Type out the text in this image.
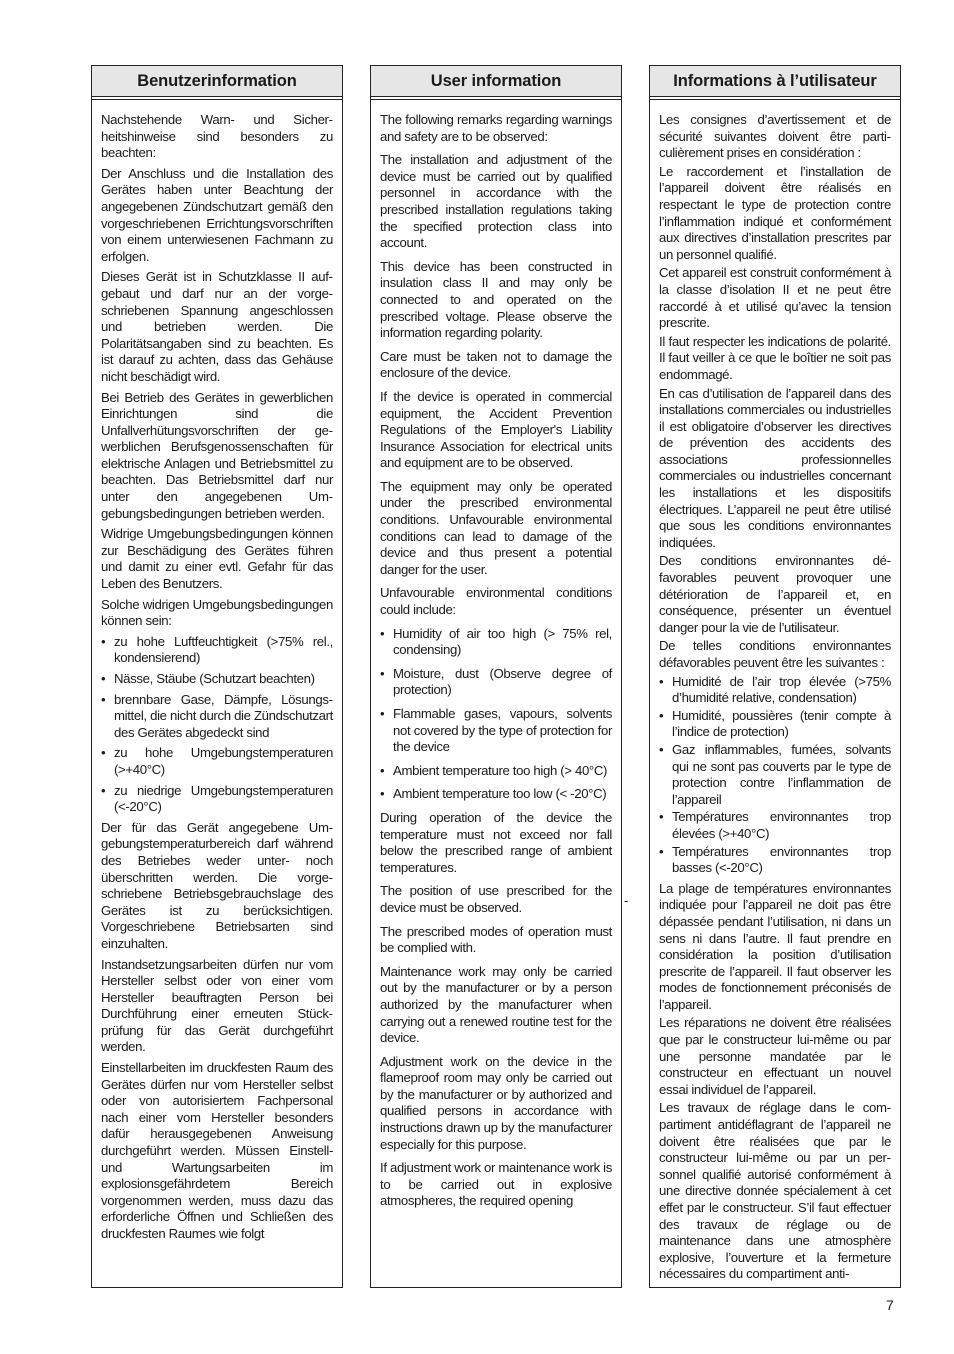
Benutzerinformation

Nachstehende Warn- und Sicherheitshinweise sind besonders zu beachten:

Der Anschluss und die Installation des Gerätes haben unter Beachtung der angegebenen Zündschutzart gemäß den vorgeschriebenen Errichtungsvorschriften von einem unterwiesenen Fachmann zu erfolgen.

Dieses Gerät ist in Schutzklasse II aufgebaut und darf nur an der vorgeschriebenen Spannung angeschlossen und betrieben werden. Die Polaritätsangaben sind zu beachten. Es ist darauf zu achten, dass das Gehäuse nicht beschädigt wird.

Bei Betrieb des Gerätes in gewerblichen Einrichtungen sind die Unfallverhütungsvorschriften der gewerblichen Berufsgenossenschaften für elektrische Anlagen und Betriebsmittel zu beachten. Das Betriebsmittel darf nur unter den angegebenen Umgebungsbedingungen betrieben werden.

Widrige Umgebungsbedingungen können zur Beschädigung des Gerätes führen und damit zu einer evtl. Gefahr für das Leben des Benutzers.

Solche widrigen Umgebungsbedingungen können sein:

• zu hohe Luftfeuchtigkeit (>75% rel., kondensierend)
• Nässe, Stäube (Schutzart beachten)
• brennbare Gase, Dämpfe, Lösungsmittel, die nicht durch die Zündschutzart des Gerätes abgedeckt sind
• zu hohe Umgebungstemperaturen (>+40°C)
• zu niedrige Umgebungstemperaturen (<-20°C)

Der für das Gerät angegebene Umgebungstemperaturbereich darf während des Betriebes weder unter- noch überschritten werden. Die vorgeschriebene Betriebsgebrauchslage des Gerätes ist zu berücksichtigen. Vorgeschriebene Betriebsarten sind einzuhalten.

Instandsetzungsarbeiten dürfen nur vom Hersteller selbst oder von einer vom Hersteller beauftragten Person bei Durchführung einer erneuten Stückprüfung für das Gerät durchgeführt werden.

Einstellarbeiten im druckfesten Raum des Gerätes dürfen nur vom Hersteller selbst oder von autorisiertem Fachpersonal nach einer vom Hersteller besonders dafür herausgegebenen Anweisung durchgeführt werden. Müssen Einstell- und Wartungsarbeiten im explosionsgefährdetem Bereich vorgenommen werden, muss dazu das erforderliche Öffnen und Schließen des druckfesten Raumes wie folgt

User information

The following remarks regarding warnings and safety are to be observed:

The installation and adjustment of the device must be carried out by qualified personnel in accordance with the prescribed installation regulations taking the specified protection class into account.

This device has been constructed in insulation class II and may only be connected to and operated on the prescribed voltage. Please observe the information regarding polarity.

Care must be taken not to damage the enclosure of the device.

If the device is operated in commercial equipment, the Accident Prevention Regulations of the Employer's Liability Insurance Association for electrical units and equipment are to be observed.

The equipment may only be operated under the prescribed environmental conditions. Unfavourable environmental conditions can lead to damage of the device and thus present a potential danger for the user.

Unfavourable environmental conditions could include:

• Humidity of air too high (> 75% rel, condensing)
• Moisture, dust (Observe degree of protection)
• Flammable gases, vapours, solvents not covered by the type of protection for the device
• Ambient temperature too high (> 40°C)
• Ambient temperature too low (< -20°C)

During operation of the device the temperature must not exceed nor fall below the prescribed range of ambient temperatures.

The position of use prescribed for the device must be observed.

The prescribed modes of operation must be complied with.

Maintenance work may only be carried out by the manufacturer or by a person authorized by the manufacturer when carrying out a renewed routine test for the device.

Adjustment work on the device in the flameproof room may only be carried out by the manufacturer or by authorized and qualified persons in accordance with instructions drawn up by the manufacturer especially for this purpose.

If adjustment work or maintenance work is to be carried out in explosive atmospheres, the required opening

Informations à l’utilisateur

Les consignes d’avertissement et de sécurité suivantes doivent être particulièrement prises en considération :

Le raccordement et l’installation de l’appareil doivent être réalisés en respectant le type de protection contre l’inflammation indiqué et conformément aux directives d’installation prescrites par un personnel qualifié.

Cet appareil est construit conformément à la classe d’isolation II et ne peut être raccordé à et utilisé qu’avec la tension prescrite.

Il faut respecter les indications de polarité. Il faut veiller à ce que le boîtier ne soit pas endommagé.

En cas d’utilisation de l’appareil dans des installations commerciales ou industrielles il est obligatoire d’observer les directives de prévention des accidents des associations professionnelles commerciales ou industrielles concernant les installations et les dispositifs électriques. L’appareil ne peut être utilisé que sous les conditions environnantes indiquées.

Des conditions environnantes défavorables peuvent provoquer une détérioration de l’appareil et, en conséquence, présenter un éventuel danger pour la vie de l’utilisateur.

De telles conditions environnantes défavorables peuvent être les suivantes :

• Humidité de l’air trop élevée (>75% d’humidité relative, condensation)
• Humidité, poussières (tenir compte à l’indice de protection)
• Gaz inflammables, fumées, solvants qui ne sont pas couverts par le type de protection contre l’inflammation de l’appareil
• Températures environnantes trop élevées (>+40°C)
• Températures environnantes trop basses (<-20°C)

La plage de températures environnantes indiquée pour l’appareil ne doit pas être dépassée pendant l’utilisation, ni dans un sens ni dans l’autre. Il faut prendre en considération la position d’utilisation prescrite de l’appareil. Il faut observer les modes de fonctionnement préconisés de l’appareil.

Les réparations ne doivent être réalisées que par le constructeur lui-même ou par une personne mandatée par le constructeur en effectuant un nouvel essai individuel de l’appareil.

Les travaux de réglage dans le compartiment antidéflagrant de l’appareil ne doivent être réalisées que par le constructeur lui-même ou par un personnel qualifié autorisé conformément à une directive donnée spécialement à cet effet par le constructeur. S’il faut effectuer des travaux de réglage ou de maintenance dans une atmosphère explosive, l’ouverture et la fermeture nécessaires du compartiment anti-

-
7
